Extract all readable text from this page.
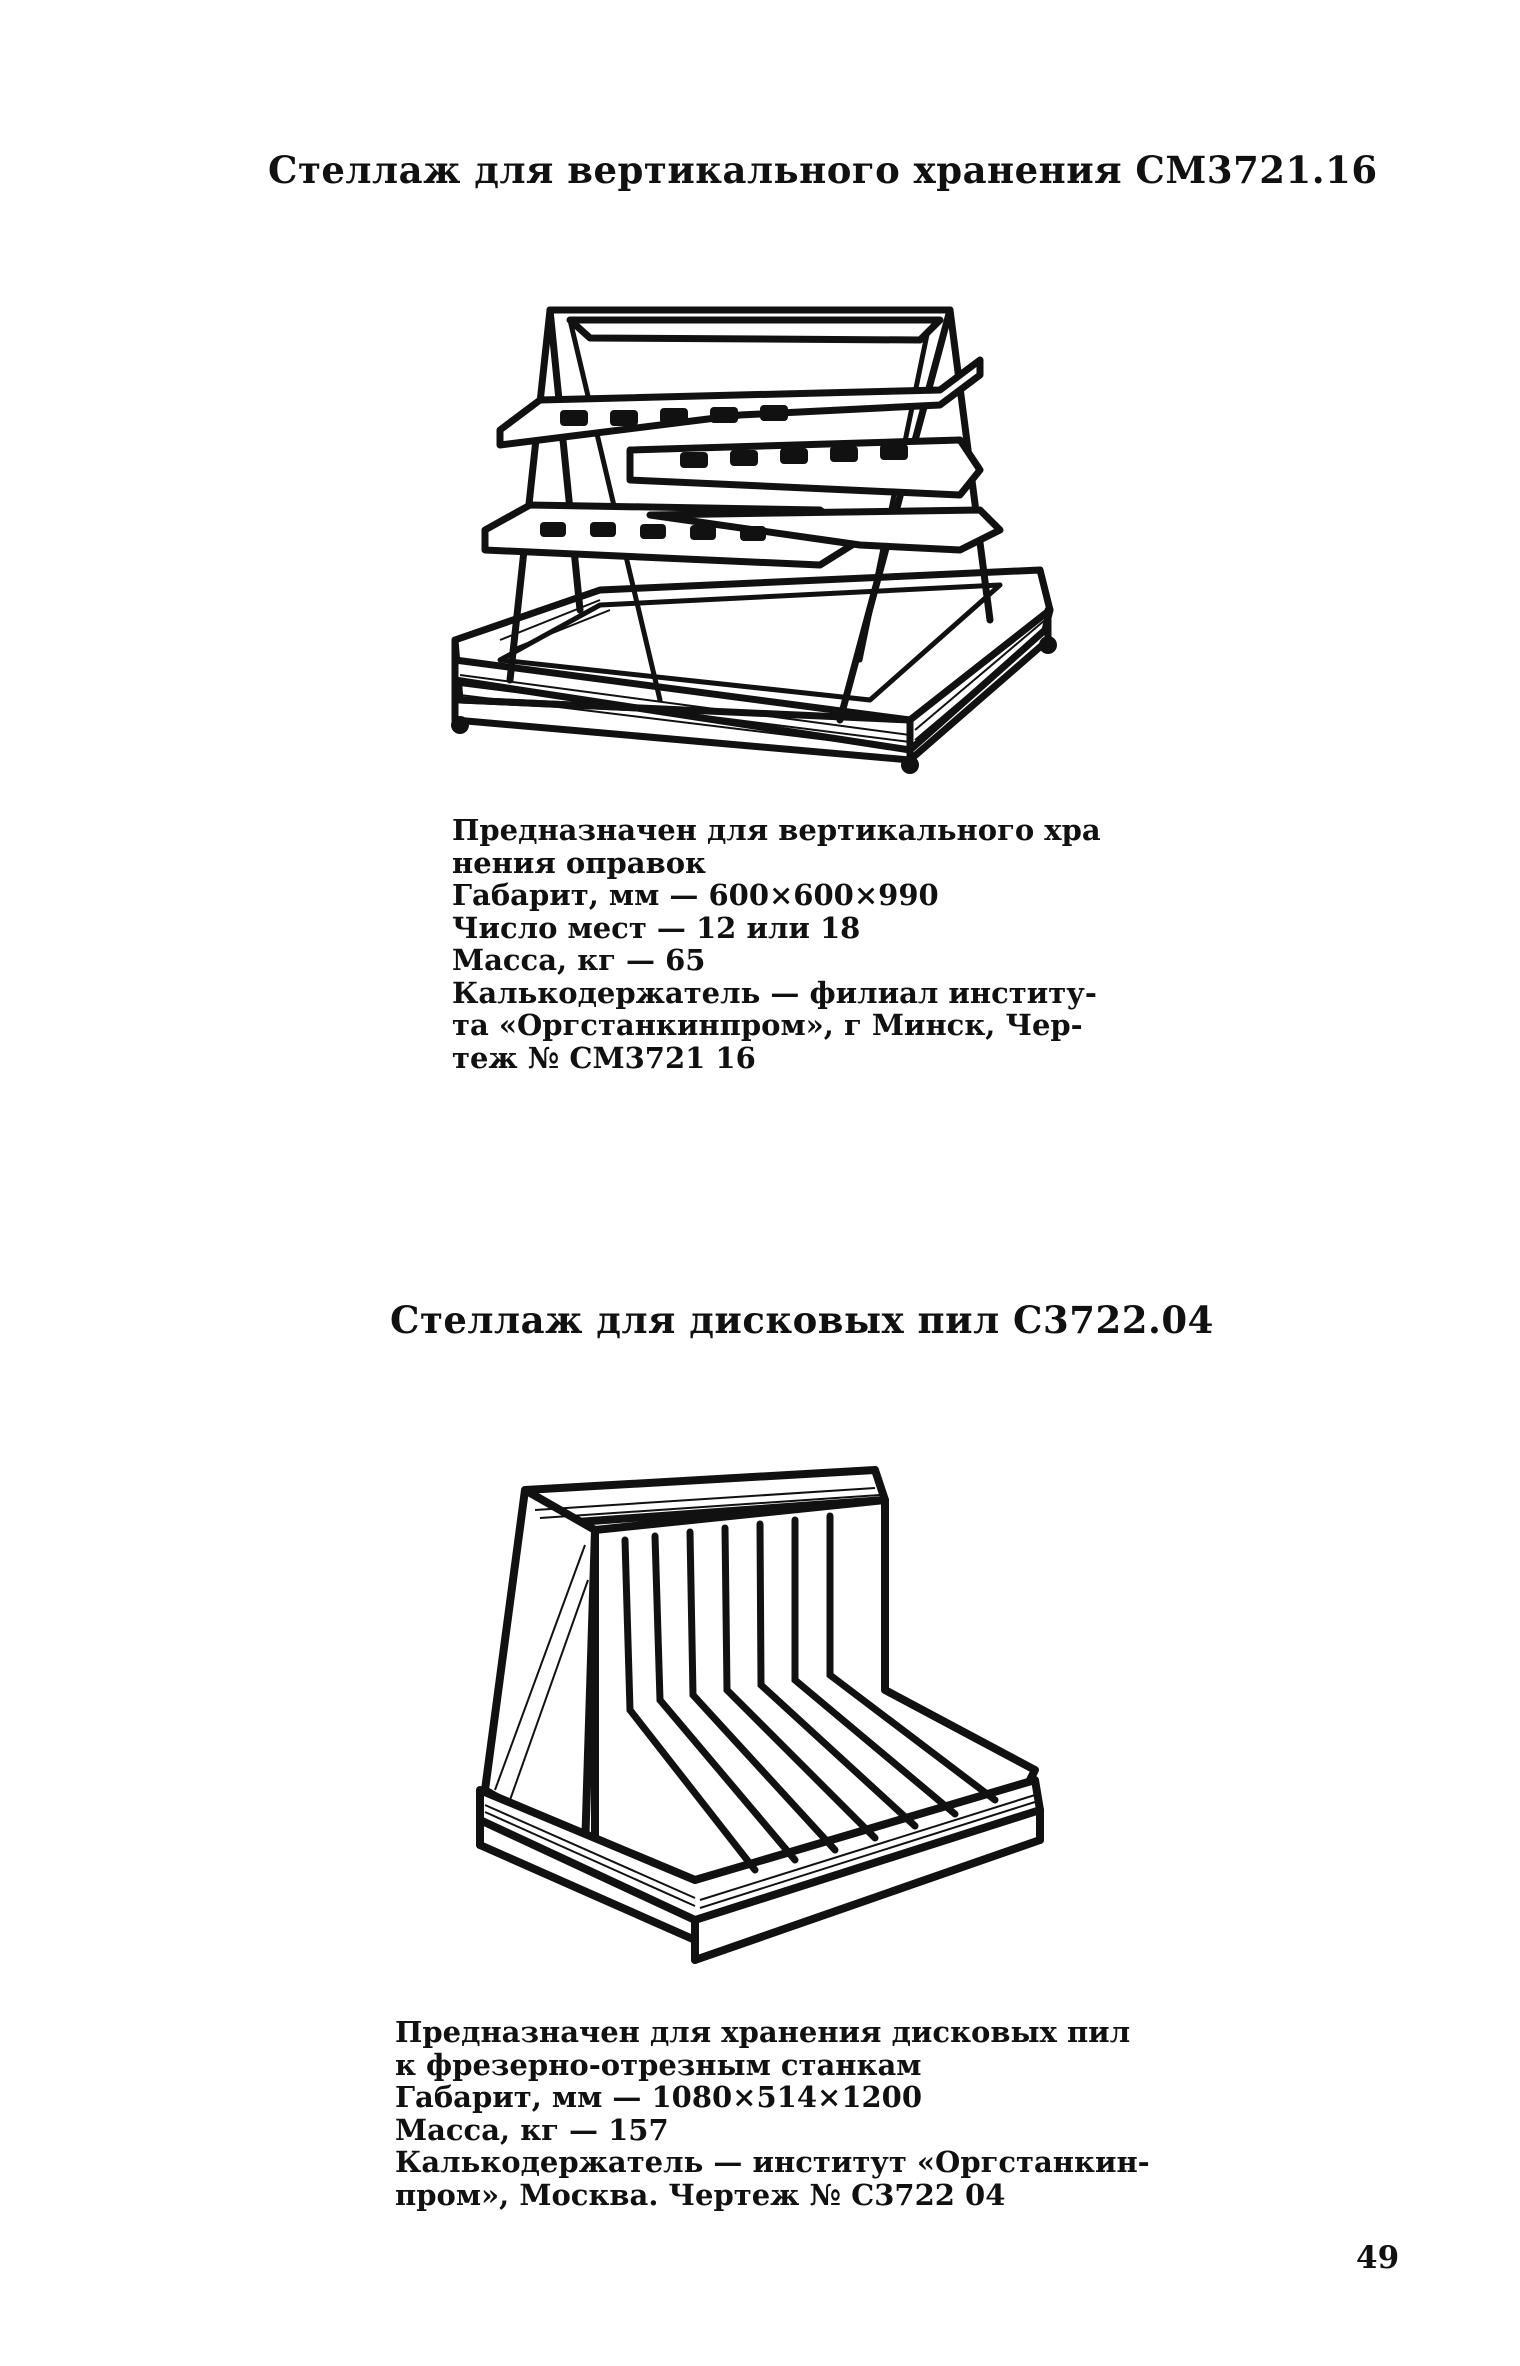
Стеллаж для вертикального хранения СМ3721.16
Предназначен для вертикального хра
нения оправок
Габарит, мм — 600×600×990
Число мест — 12 или 18
Масса, кг — 65
Калькодержатель — филиал институ-
та «Оргстанкинпром», г Минск, Чер-
теж № СМ3721 16
Стеллаж для дисковых пил С3722.04
Предназначен для хранения дисковых пил
к фрезерно-отрезным станкам
Габарит, мм — 1080×514×1200
Масса, кг — 157
Калькодержатель — институт «Оргстанкин-
пром», Москва. Чертеж № С3722 04
49
